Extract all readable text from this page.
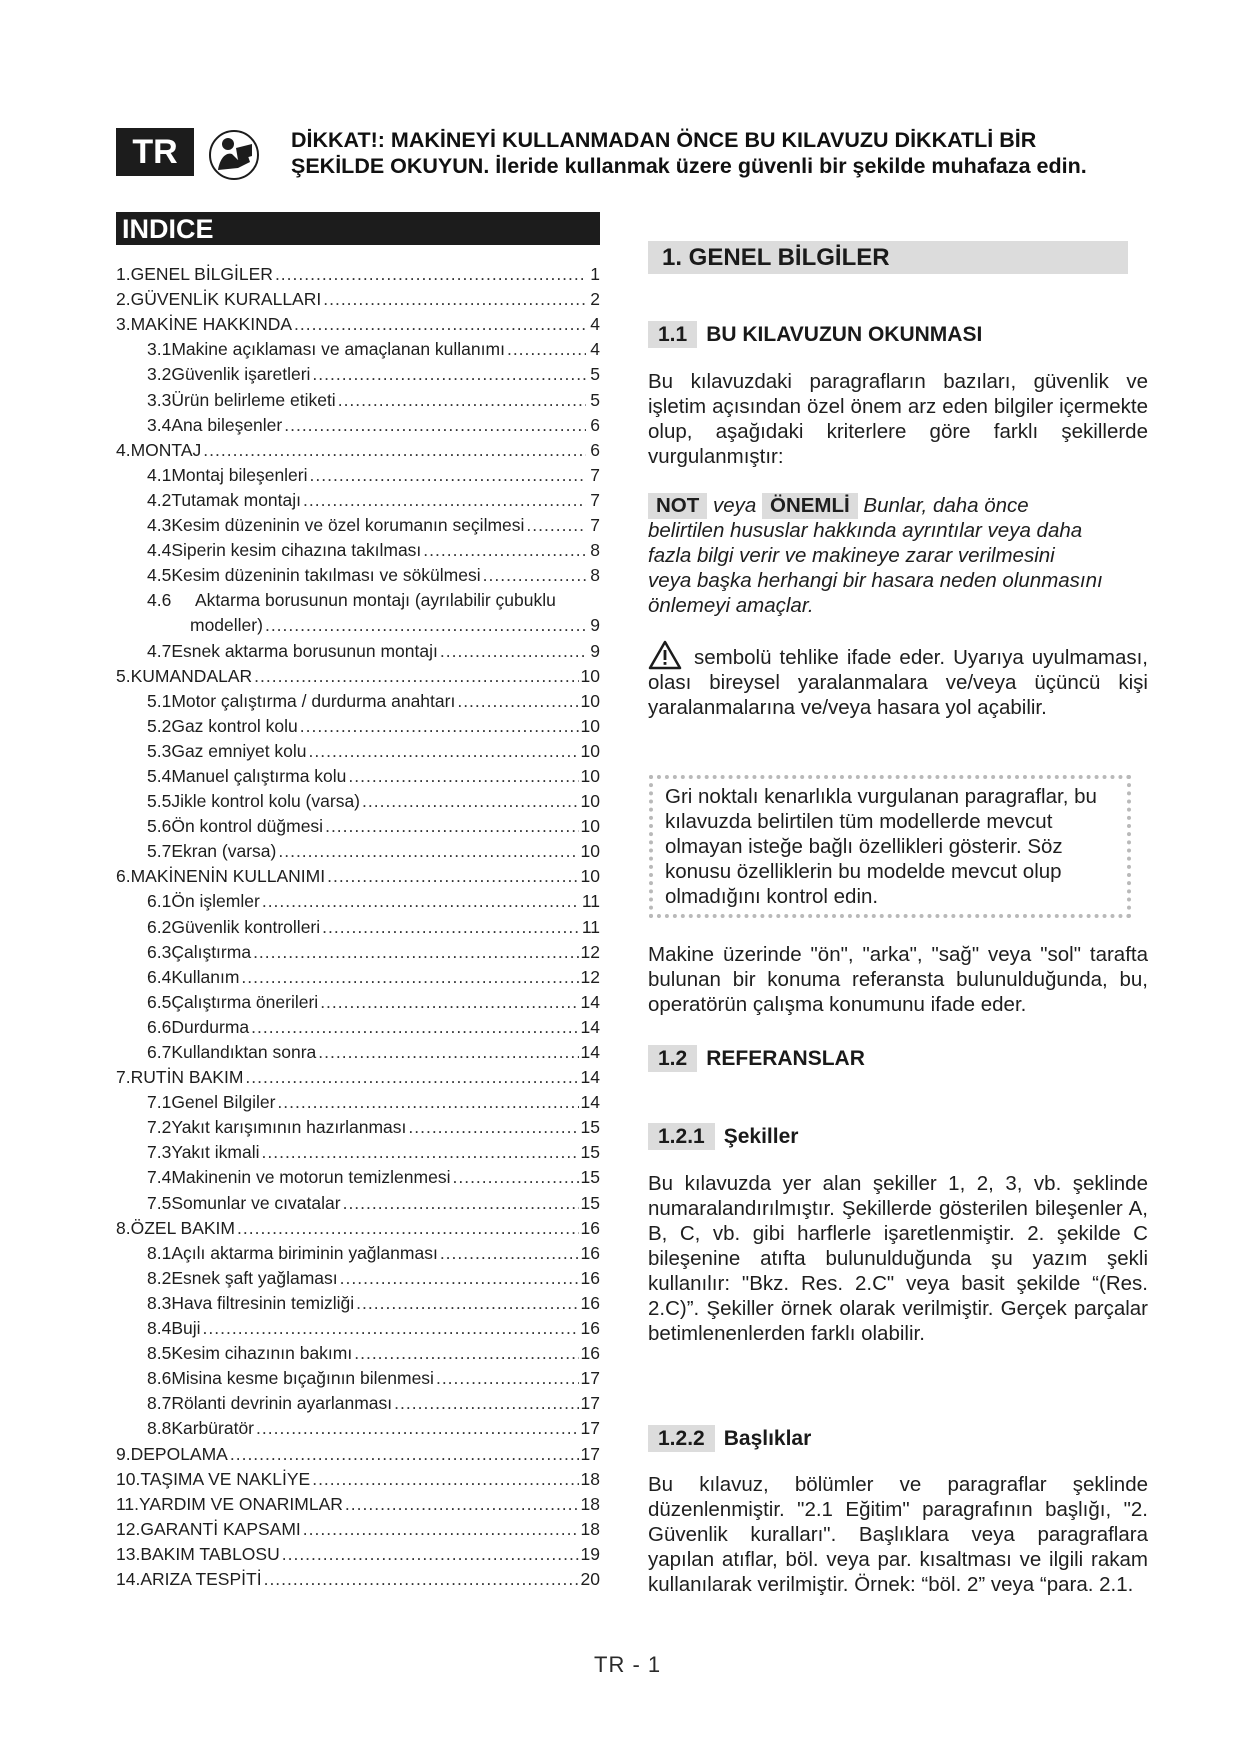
TR	DİKKAT!: MAKİNEYİ KULLANMADAN ÖNCE BU KILAVUZU DİKKATLİ BİR
ŞEKİLDE OKUYUN. İleride kullanmak üzere güvenli bir şekilde muhafaza edin.
INDICE
1. GENEL BİLGİLER .....	1
2. GÜVENLİK KURALLARI .....	2
3. MAKİNE HAKKINDA .....	4
3.1 Makine açıklaması ve amaçlanan kullanımı .....	4
3.2 Güvenlik işaretleri .....	5
3.3 Ürün belirleme etiketi .....	5
3.4 Ana bileşenler .....	6
4. MONTAJ .....	6
4.1 Montaj bileşenleri .....	7
4.2 Tutamak montajı .....	7
4.3 Kesim düzeninin ve özel korumanın seçilmesi .....	7
4.4 Siperin kesim cihazına takılması .....	8
4.5 Kesim düzeninin takılması ve sökülmesi .....	8
4.6	Aktarma borusunun montajı (ayrılabilir çubuklu
modeller) .....	9
4.7 Esnek aktarma borusunun montajı .....	9
5. KUMANDALAR .....	10
5.1 Motor çalıştırma / durdurma anahtarı .....	10
5.2 Gaz kontrol kolu .....	10
5.3 Gaz emniyet kolu .....	10
5.4 Manuel çalıştırma kolu .....	10
5.5 Jikle kontrol kolu (varsa) .....	10
5.6 Ön kontrol düğmesi .....	10
5.7 Ekran (varsa) .....	10
6. MAKİNENİN KULLANIMI .....	10
6.1 Ön işlemler .....	11
6.2 Güvenlik kontrolleri .....	11
6.3 Çalıştırma .....	12
6.4 Kullanım .....	12
6.5 Çalıştırma önerileri .....	14
6.6 Durdurma .....	14
6.7 Kullandıktan sonra .....	14
7. RUTİN BAKIM .....	14
7.1 Genel Bilgiler .....	14
7.2 Yakıt karışımının hazırlanması .....	15
7.3 Yakıt ikmali .....	15
7.4 Makinenin ve motorun temizlenmesi .....	15
7.5 Somunlar ve cıvatalar .....	15
8. ÖZEL BAKIM .....	16
8.1 Açılı aktarma biriminin yağlanması .....	16
8.2 Esnek şaft yağlaması .....	16
8.3 Hava filtresinin temizliği .....	16
8.4 Buji .....	16
8.5 Kesim cihazının bakımı .....	16
8.6 Misina kesme bıçağının bilenmesi .....	17
8.7 Rölanti devrinin ayarlanması .....	17
8.8 Karbüratör .....	17
9. DEPOLAMA .....	17
10. TAŞIMA VE NAKLİYE .....	18
11. YARDIM VE ONARIMLAR .....	18
12. GARANTİ KAPSAMI .....	18
13. BAKIM TABLOSU .....	19
14. ARIZA TESPİTİ .....	20
1. GENEL BİLGİLER
1.1 BU KILAVUZUN OKUNMASI
Bu kılavuzdaki paragrafların bazıları, güvenlik ve işletim açısından özel önem arz eden bilgiler içermekte olup, aşağıdaki kriterlere göre farklı şekillerde vurgulanmıştır:
NOT veya ÖNEMLİ Bunlar, daha önce
belirtilen hususlar hakkında ayrıntılar veya daha
fazla bilgi verir ve makineye zarar verilmesini
veya başka herhangi bir hasara neden olunmasını
önlemeyi amaçlar.
sembolü tehlike ifade eder. Uyarıya uyulmaması, olası bireysel yaralanmalara ve/veya üçüncü kişi yaralanmalarına ve/veya hasara yol açabilir.
Gri noktalı kenarlıkla vurgulanan paragraflar, bu kılavuzda belirtilen tüm modellerde mevcut olmayan isteğe bağlı özellikleri gösterir. Söz konusu özelliklerin bu modelde mevcut olup olmadığını kontrol edin.
Makine üzerinde "ön", "arka", "sağ" veya "sol" tarafta bulunan bir konuma referansta bulunulduğunda, bu, operatörün çalışma konumunu ifade eder.
1.2 REFERANSLAR
1.2.1 Şekiller
Bu kılavuzda yer alan şekiller 1, 2, 3, vb. şeklinde numaralandırılmıştır. Şekillerde gösterilen bileşenler A, B, C, vb. gibi harflerle işaretlenmiştir. 2. şekilde C bileşenine atıfta bulunulduğunda şu yazım şekli kullanılır: "Bkz. Res. 2.C" veya basit şekilde “(Res. 2.C)”. Şekiller örnek olarak verilmiştir. Gerçek parçalar betimlenenlerden farklı olabilir.
1.2.2 Başlıklar
Bu kılavuz, bölümler ve paragraflar şeklinde düzenlenmiştir. "2.1 Eğitim" paragrafının başlığı, "2. Güvenlik kuralları". Başlıklara veya paragraflara yapılan atıflar, böl. veya par. kısaltması ve ilgili rakam kullanılarak verilmiştir. Örnek: “böl. 2” veya “para. 2.1.
TR - 1
